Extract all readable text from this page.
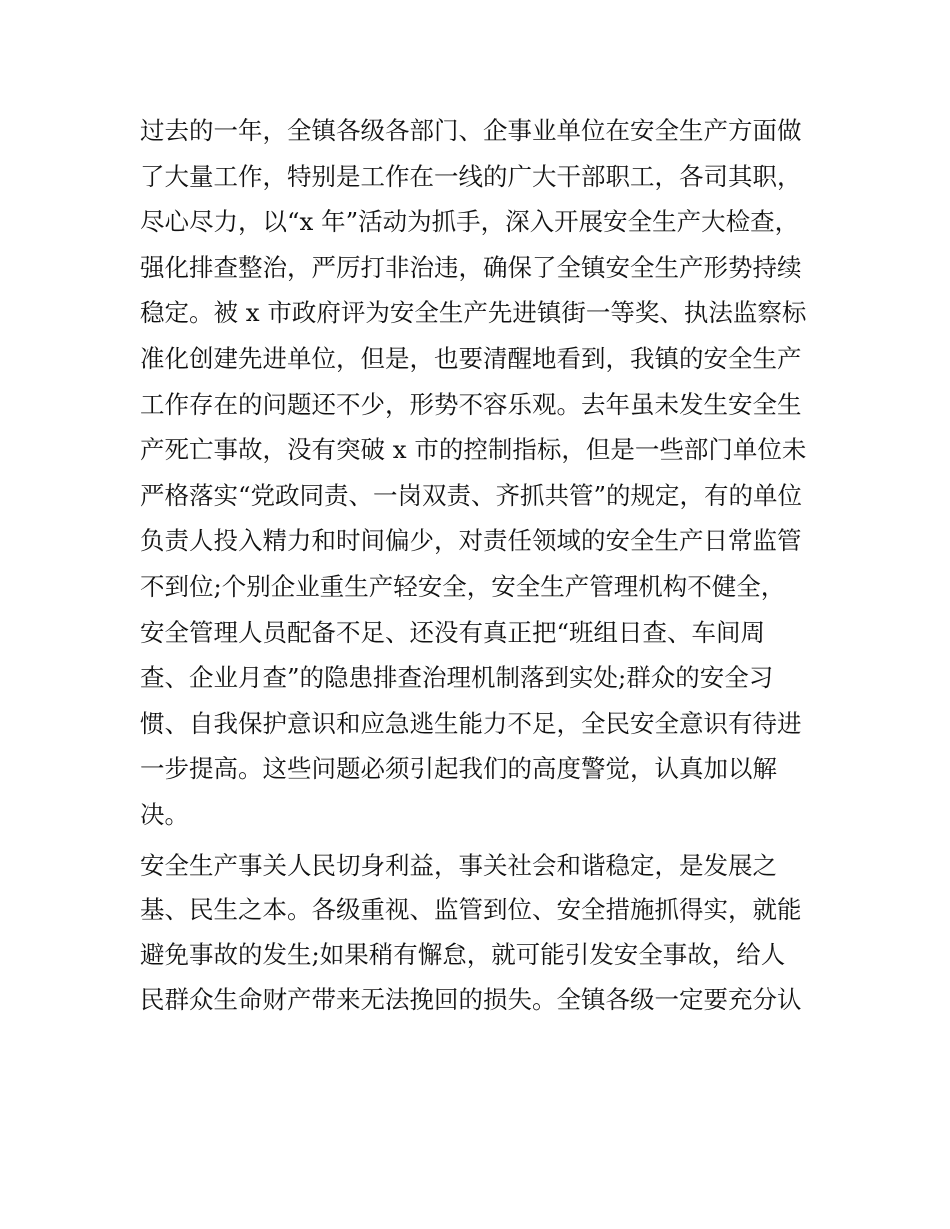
过去的一年，全镇各级各部门、企事业单位在安全生产方面做
了大量工作，特别是工作在一线的广大干部职工，各司其职，
尽心尽力，以“x 年”活动为抓手，深入开展安全生产大检查，
强化排查整治，严厉打非治违，确保了全镇安全生产形势持续
稳定。被 x 市政府评为安全生产先进镇街一等奖、执法监察标
准化创建先进单位，但是，也要清醒地看到，我镇的安全生产
工作存在的问题还不少，形势不容乐观。去年虽未发生安全生
产死亡事故，没有突破 x 市的控制指标，但是一些部门单位未
严格落实“党政同责、一岗双责、齐抓共管”的规定，有的单位
负责人投入精力和时间偏少，对责任领域的安全生产日常监管
不到位;个别企业重生产轻安全，安全生产管理机构不健全，
安全管理人员配备不足、还没有真正把“班组日查、车间周
查、企业月查”的隐患排查治理机制落到实处;群众的安全习
惯、自我保护意识和应急逃生能力不足，全民安全意识有待进
一步提高。这些问题必须引起我们的高度警觉，认真加以解
决。
安全生产事关人民切身利益，事关社会和谐稳定，是发展之
基、民生之本。各级重视、监管到位、安全措施抓得实，就能
避免事故的发生;如果稍有懈怠，就可能引发安全事故，给人
民群众生命财产带来无法挽回的损失。全镇各级一定要充分认
